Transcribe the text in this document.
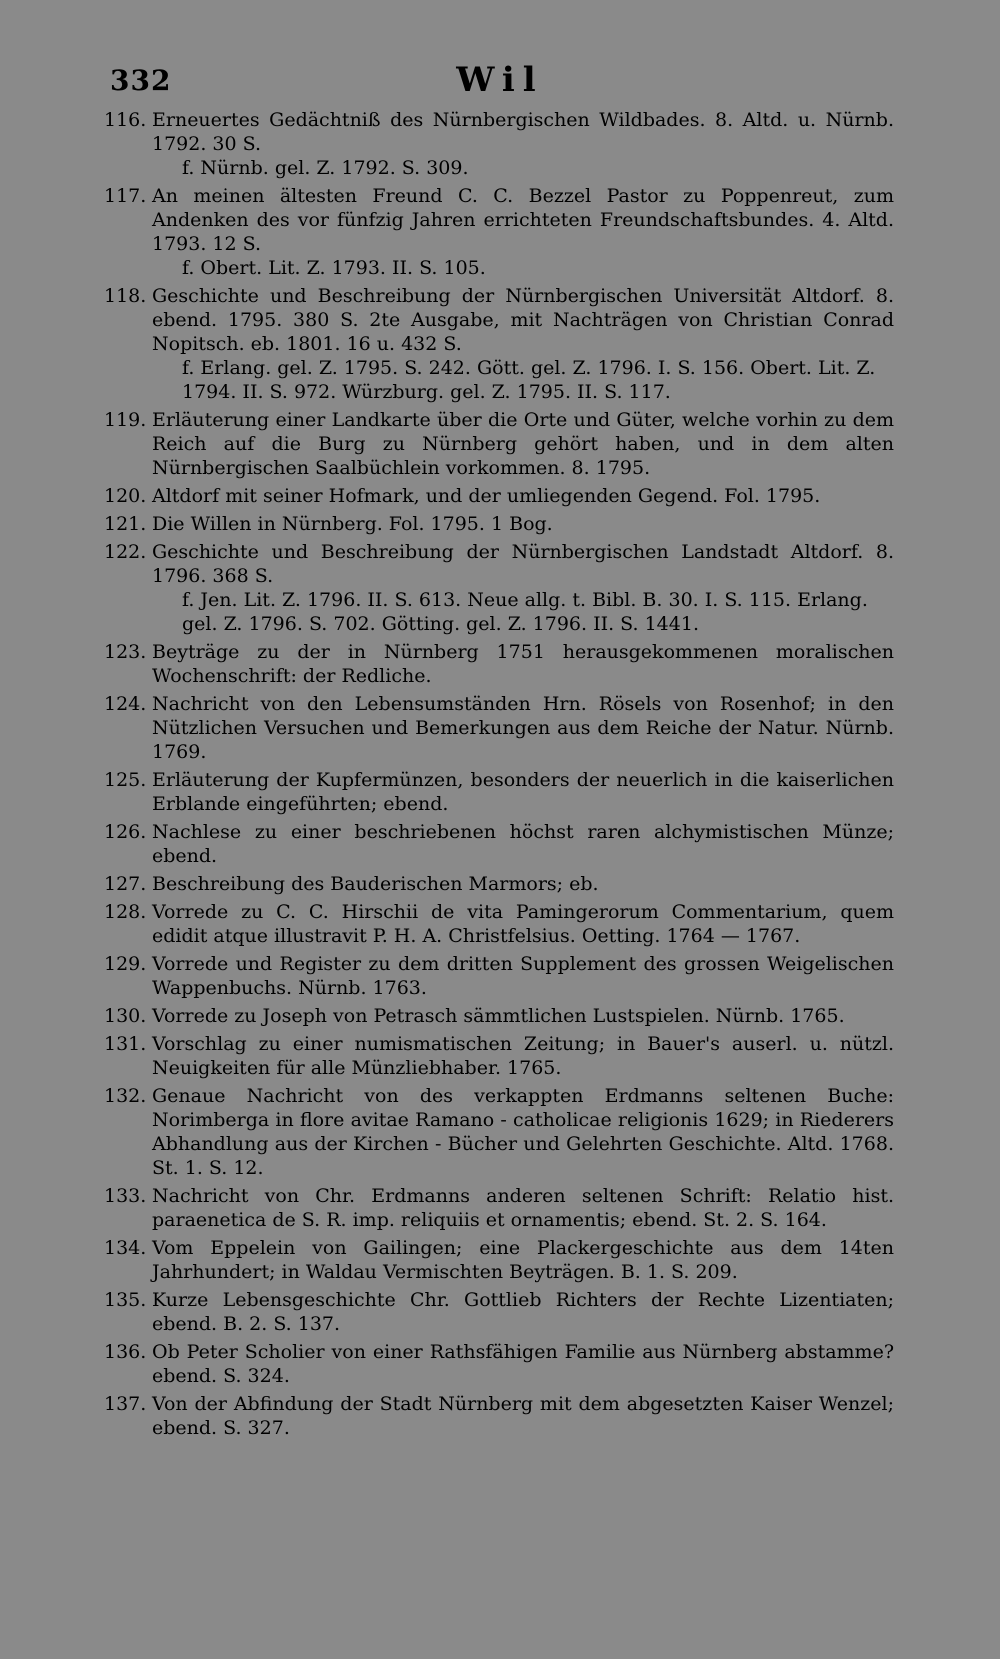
332	Wil
116. Erneuertes Gedächtniß des Nürnbergischen Wildbades. 8. Altd. u. Nürnb. 1792. 30 S.
f. Nürnb. gel. Z. 1792. S. 309.
117. An meinen ältesten Freund C. C. Bezzel Pastor zu Poppenreut, zum Andenken des vor fünfzig Jahren errichteten Freundschaftsbundes. 4. Altd. 1793. 12 S.
f. Obert. Lit. Z. 1793. II. S. 105.
118. Geschichte und Beschreibung der Nürnbergischen Universität Altdorf. 8. ebend. 1795. 380 S. 2te Ausgabe, mit Nachträgen von Christian Conrad Nopitsch. eb. 1801. 16 u. 432 S.
f. Erlang. gel. Z. 1795. S. 242. Gött. gel. Z. 1796. I. S. 156. Obert. Lit. Z. 1794. II. S. 972. Würzburg. gel. Z. 1795. II. S. 117.
119. Erläuterung einer Landkarte über die Orte und Güter, welche vorhin zu dem Reich auf die Burg zu Nürnberg gehört haben, und in dem alten Nürnbergischen Saalbüchlein vorkommen. 8. 1795.
120. Altdorf mit seiner Hofmark, und der umliegenden Gegend. Fol. 1795.
121. Die Willen in Nürnberg. Fol. 1795. 1 Bog.
122. Geschichte und Beschreibung der Nürnbergischen Landstadt Altdorf. 8. 1796. 368 S.
f. Jen. Lit. Z. 1796. II. S. 613. Neue allg. t. Bibl. B. 30. I. S. 115. Erlang. gel. Z. 1796. S. 702. Götting. gel. Z. 1796. II. S. 1441.
123. Beyträge zu der in Nürnberg 1751 herausgekommenen moralischen Wochenschrift: der Redliche.
124. Nachricht von den Lebensumständen Hrn. Rösels von Rosenhof; in den Nützlichen Versuchen und Bemerkungen aus dem Reiche der Natur. Nürnb. 1769.
125. Erläuterung der Kupfermünzen, besonders der neuerlich in die kaiserlichen Erblande eingeführten; ebend.
126. Nachlese zu einer beschriebenen höchst raren alchymistischen Münze; ebend.
127. Beschreibung des Bauderischen Marmors; eb.
128. Vorrede zu C. C. Hirschii de vita Pamingerorum Commentarium, quem edidit atque illustravit P. H. A. Christfelsius. Oetting. 1764 — 1767.
129. Vorrede und Register zu dem dritten Supplement des grossen Weigelischen Wappenbuchs. Nürnb. 1763.
130. Vorrede zu Joseph von Petrasch sämmtlichen Lustspielen. Nürnb. 1765.
131. Vorschlag zu einer numismatischen Zeitung; in Bauer's auserl. u. nützl. Neuigkeiten für alle Münzliebhaber. 1765.
132. Genaue Nachricht von des verkappten Erdmanns seltenen Buche: Norimberga in flore avitae Ramano - catholicae religionis 1629; in Riederers Abhandlung aus der Kirchen - Bücher und Gelehrten Geschichte. Altd. 1768. St. 1. S. 12.
133. Nachricht von Chr. Erdmanns anderen seltenen Schrift: Relatio hist. paraenetica de S. R. imp. reliquiis et ornamentis; ebend. St. 2. S. 164.
134. Vom Eppelein von Gailingen; eine Plackergeschichte aus dem 14ten Jahrhundert; in Waldau Vermischten Beyträgen. B. 1. S. 209.
135. Kurze Lebensgeschichte Chr. Gottlieb Richters der Rechte Lizentiaten; ebend. B. 2. S. 137.
136. Ob Peter Scholier von einer Rathsfähigen Familie aus Nürnberg abstamme? ebend. S. 324.
137. Von der Abfindung der Stadt Nürnberg mit dem abgesetzten Kaiser Wenzel; ebend. S. 327.
